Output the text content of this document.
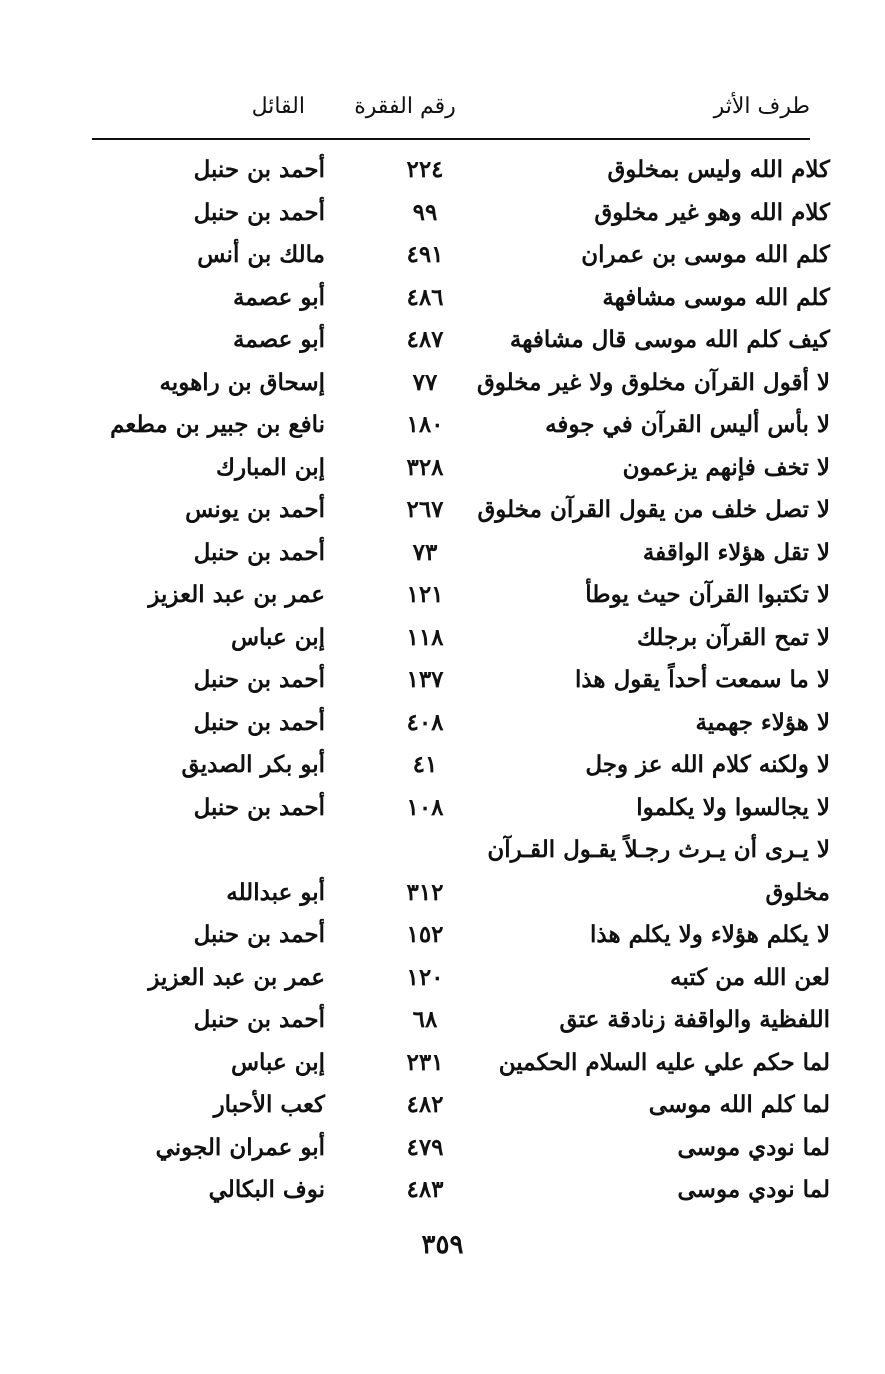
طرف الأثر
رقم الفقرة
القائل
كلام الله وليس بمخلوق
٢٢٤
أحمد بن حنبل
كلام الله وهو غير مخلوق
٩٩
أحمد بن حنبل
كلم الله موسى بن عمران
٤٩١
مالك بن أنس
كلم الله موسى مشافهة
٤٨٦
أبو عصمة
كيف كلم الله موسى قال مشافهة
٤٨٧
أبو عصمة
لا أقول القرآن مخلوق ولا غير مخلوق
٧٧
إسحاق بن راهويه
لا بأس أليس القرآن في جوفه
١٨٠
نافع بن جبير بن مطعم
لا تخف فإنهم يزعمون
٣٢٨
إبن المبارك
لا تصل خلف من يقول القرآن مخلوق
٢٦٧
أحمد بن يونس
لا تقل هؤلاء الواقفة
٧٣
أحمد بن حنبل
لا تكتبوا القرآن حيث يوطأ
١٢١
عمر بن عبد العزيز
لا تمح القرآن برجلك
١١٨
إبن عباس
لا ما سمعت أحداً يقول هذا
١٣٧
أحمد بن حنبل
لا هؤلاء جهمية
٤٠٨
أحمد بن حنبل
لا ولكنه كلام الله عز وجل
٤١
أبو بكر الصديق
لا يجالسوا ولا يكلموا
١٠٨
أحمد بن حنبل
لا يـرى أن يـرث رجـلاً يقـول القـرآن
مخلوق
٣١٢
أبو عبدالله
لا يكلم هؤلاء ولا يكلم هذا
١٥٢
أحمد بن حنبل
لعن الله من كتبه
١٢٠
عمر بن عبد العزيز
اللفظية والواقفة زنادقة عتق
٦٨
أحمد بن حنبل
لما حكم علي عليه السلام الحكمين
٢٣١
إبن عباس
لما كلم الله موسى
٤٨٢
كعب الأحبار
لما نودي موسى
٤٧٩
أبو عمران الجوني
لما نودي موسى
٤٨٣
نوف البكالي
٣٥٩
